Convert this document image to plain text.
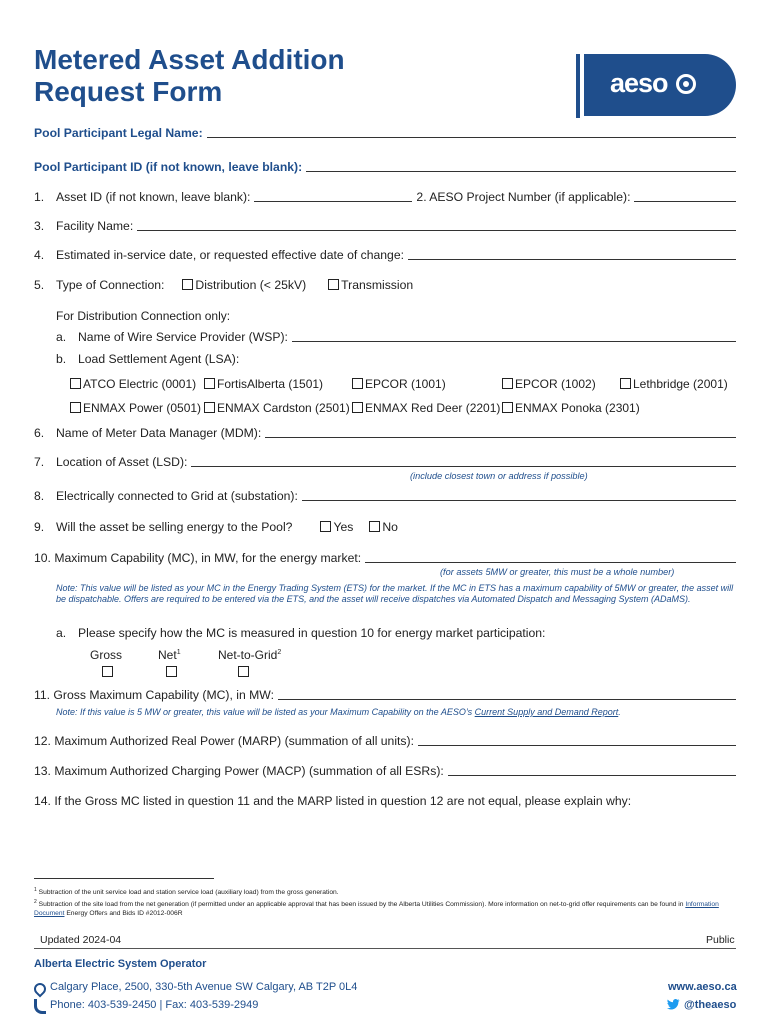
Metered Asset Addition
Request Form	aeso
Pool Participant Legal Name:
Pool Participant ID (if not known, leave blank):
1. Asset ID (if not known, leave blank):	2. AESO Project Number (if applicable):
3. Facility Name:
4. Estimated in-service date, or requested effective date of change:
5. Type of Connection:	Distribution (< 25kV)	Transmission
For Distribution Connection only:
a. Name of Wire Service Provider (WSP):
b. Load Settlement Agent (LSA):
ATCO Electric (0001)	FortisAlberta (1501)	EPCOR (1001)	EPCOR (1002)	Lethbridge (2001)
ENMAX Power (0501)	ENMAX Cardston (2501)	ENMAX Red Deer (2201)	ENMAX Ponoka (2301)
6. Name of Meter Data Manager (MDM):
7. Location of Asset (LSD):
(include closest town or address if possible)
8. Electrically connected to Grid at (substation):
9. Will the asset be selling energy to the Pool?	Yes	No
10. Maximum Capability (MC), in MW, for the energy market:
(for assets 5MW or greater, this must be a whole number)
Note: This value will be listed as your MC in the Energy Trading System (ETS) for the market. If the MC in ETS has a maximum capability of 5MW or greater, the asset will be dispatchable. Offers are required to be entered via the ETS, and the asset will receive dispatches via Automated Dispatch and Messaging System (ADaMS).
a. Please specify how the MC is measured in question 10 for energy market participation:
Gross	Net$^1$	Net-to-Grid$^2$
11. Gross Maximum Capability (MC), in MW:
Note: If this value is 5 MW or greater, this value will be listed as your Maximum Capability on the AESO’s Current Supply and Demand Report.
12. Maximum Authorized Real Power (MARP) (summation of all units):
13. Maximum Authorized Charging Power (MACP) (summation of all ESRs):
14. If the Gross MC listed in question 11 and the MARP listed in question 12 are not equal, please explain why:
$^1$ Subtraction of the unit service load and station service load (auxiliary load) from the gross generation.
$^2$ Subtraction of the site load from the net generation (if permitted under an applicable approval that has been issued by the Alberta Utilities Commission). More information on net-to-grid offer requirements can be found in Information Document Energy Offers and Bids ID #2012-006R
Updated 2024-04	Public
Alberta Electric System Operator
Calgary Place, 2500, 330-5th Avenue SW Calgary, AB T2P 0L4
Phone: 403-539-2450 | Fax: 403-539-2949
www.aeso.ca
@theaeso
